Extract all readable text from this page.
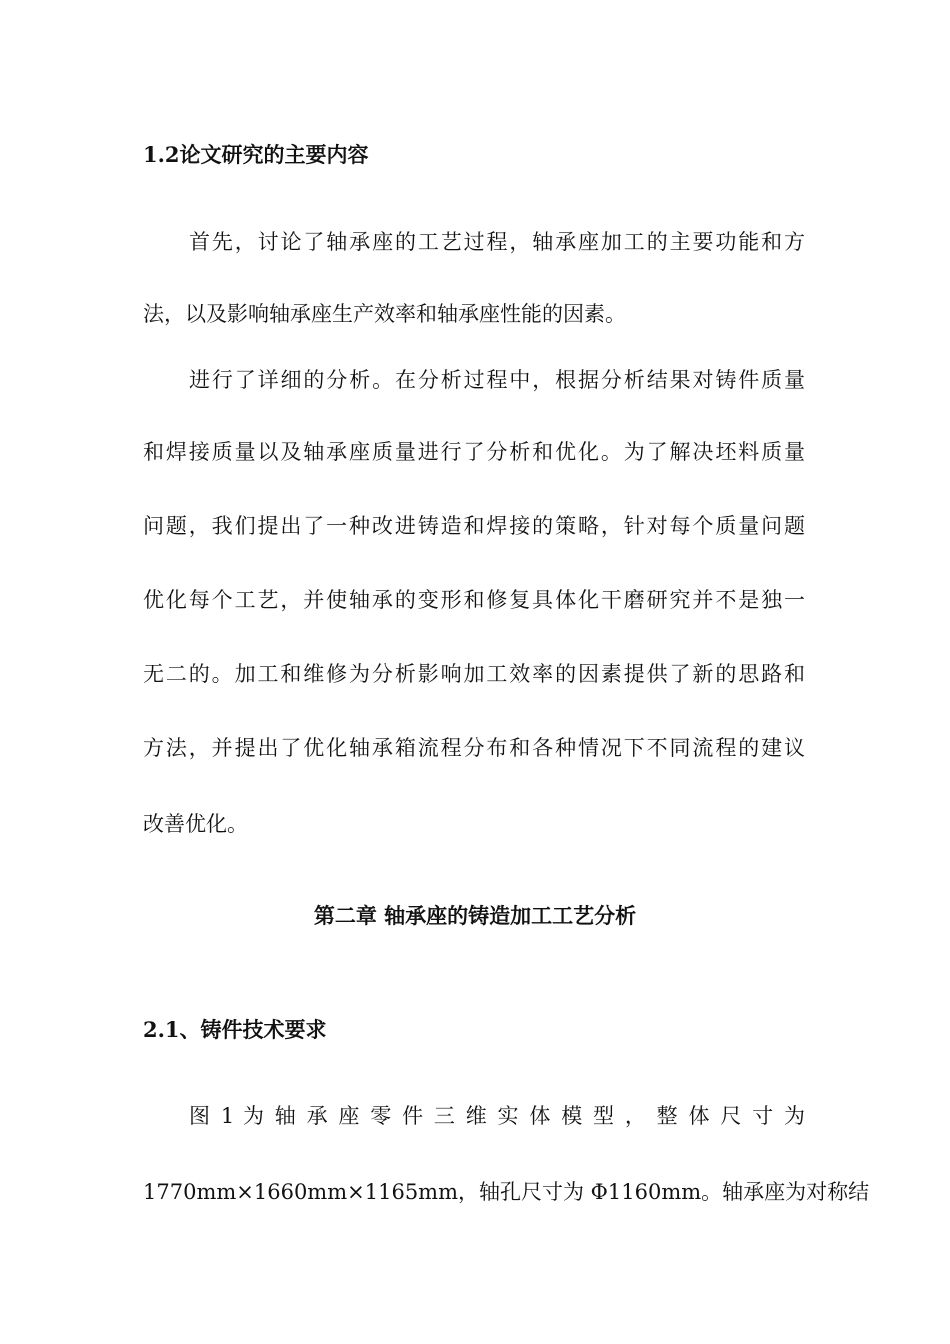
1.2论文研究的主要内容
首先，讨论了轴承座的工艺过程，轴承座加工的主要功能和方
法，以及影响轴承座生产效率和轴承座性能的因素。
进行了详细的分析。在分析过程中，根据分析结果对铸件质量
和焊接质量以及轴承座质量进行了分析和优化。为了解决坯料质量
问题，我们提出了一种改进铸造和焊接的策略，针对每个质量问题
优化每个工艺，并使轴承的变形和修复具体化干磨研究并不是独一
无二的。加工和维修为分析影响加工效率的因素提供了新的思路和
方法，并提出了优化轴承箱流程分布和各种情况下不同流程的建议
改善优化。
第二章 轴承座的铸造加工工艺分析
2.1、铸件技术要求
图 1 为 轴 承 座 零 件 三 维 实 体 模 型 ， 整 体 尺 寸 为
1770mm×1660mm×1165mm，轴孔尺寸为 Φ1160mm。轴承座为对称结
